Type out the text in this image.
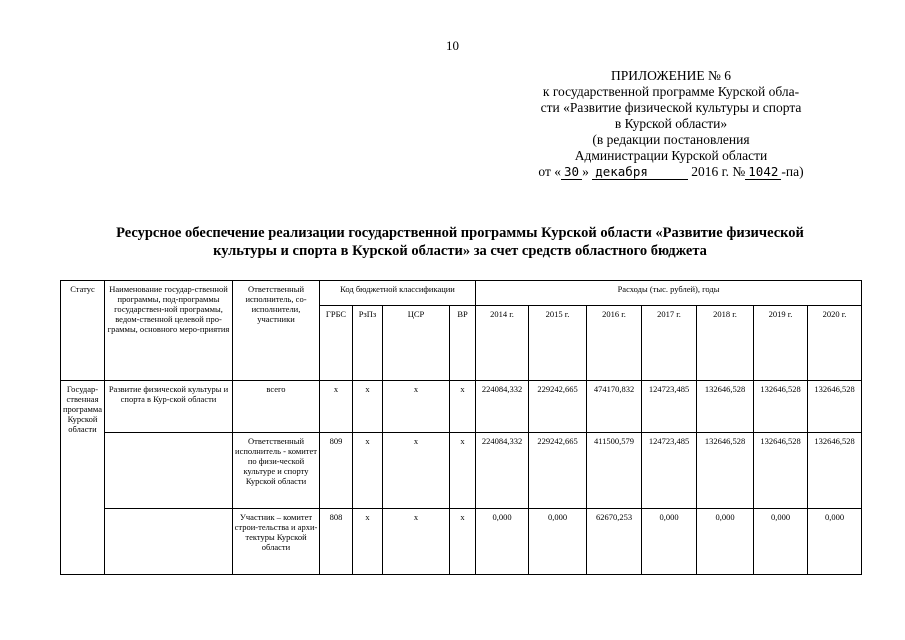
10
ПРИЛОЖЕНИЕ № 6
к государственной программе Курской обла-
сти «Развитие физической культуры и спорта
в Курской области»
(в редакции постановления
Администрации Курской области
от « 30 » декабря	2016 г. № 1042 -па)
Ресурсное обеспечение реализации государственной программы Курской области «Развитие физической
культуры и спорта в Курской области» за счет средств областного бюджета
Статус	Наименование государ-ственной программы, под-программы государствен-ной программы, ведом-ственной целевой про-граммы, основного меро-приятия	Ответственный исполнитель, со-исполнители, участники	Код бюджетной классификации				Расходы (тыс. рублей), годы						
			ГРБС	РзПз	ЦСР	ВР	2014 г.	2015 г.	2016 г.	2017 г.	2018 г.	2019 г.	2020 г.
Государ-ственная программа Курской области	Развитие физической культуры и спорта в Кур-ской области	всего	х	х	х	х	224084,332	229242,665	474170,832	124723,485	132646,528	132646,528	132646,528
		Ответственный исполнитель - комитет по физи-ческой культуре и спорту Курской области	809	х	х	х	224084,332	229242,665	411500,579	124723,485	132646,528	132646,528	132646,528
		Участник – комитет строи-тельства и архи-тектуры Курской области	808	х	х	х	0,000	0,000	62670,253	0,000	0,000	0,000	0,000
